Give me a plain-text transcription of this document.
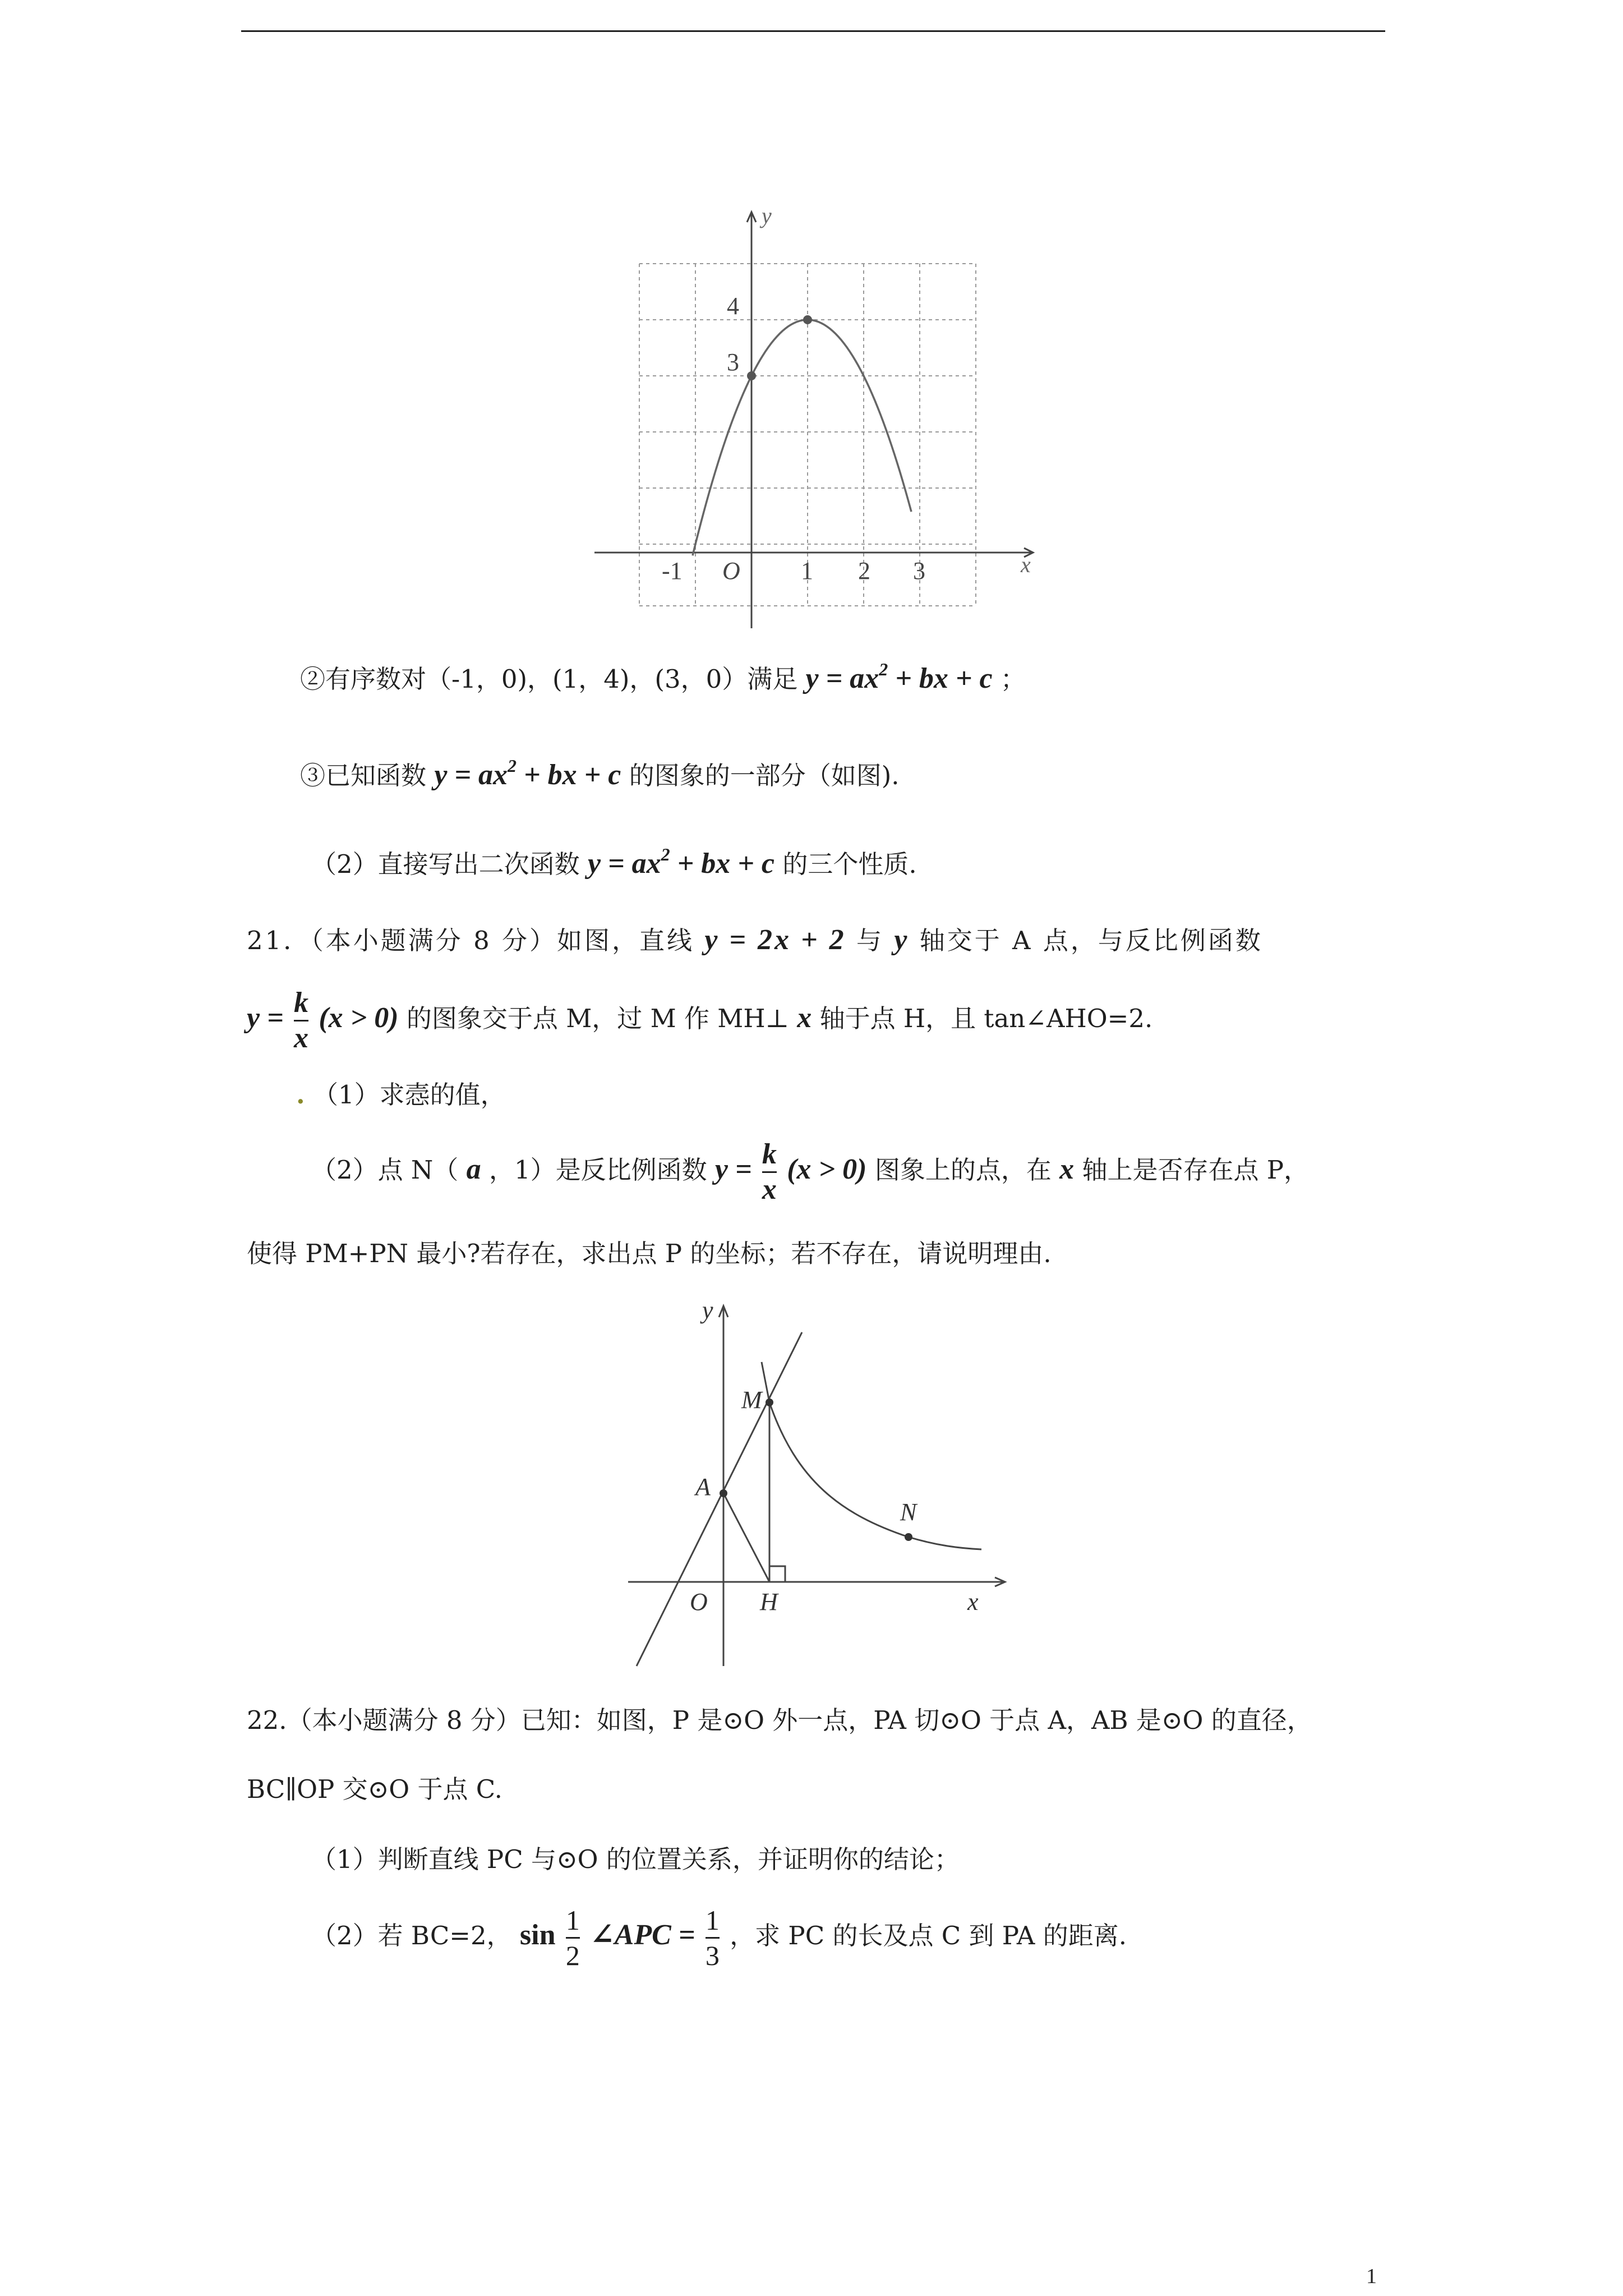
y
x
O
-1	1 2 3
3
4
②有序数对（-1，0)，(1，4)，(3，0）满足 $y = ax^2$ + bx + c ；
③已知函数 $y = ax^2$ + bx + c 的图象的一部分（如图).
（2）直接写出二次函数 $y = ax^2$ + bx + c 的三个性质.
21．（本小题满分 8 分）如图，直线 y = 2x + 2 与 y 轴交于 A 点，与反比例函数
$y = \frac{k}{x} (x > 0)$ 的图象交于点 M，过 M 作 MH⊥ x 轴于点 H，且 tan∠AHO=2.
. （1）求悫的值，
（2）点 N（ a ，1）是反比例函数 $y = \frac{k}{x} (x > 0)$ 图象上的点，在 x 轴上是否存在点 P，
使得 PM+PN 最小?若存在，求出点 P 的坐标；若不存在，请说明理由.
y
x
O H
A
M
N
22.（本小题满分 8 分）已知：如图，P 是⊙O 外一点，PA 切⊙O 于点 A，AB 是⊙O 的直径，
BC∥OP 交⊙O 于点 C.
（1）判断直线 PC 与⊙O 的位置关系，并证明你的结论；
（2）若 BC=2， $\sin \frac{1}{2}$ ∠APC = $\frac{1}{3}$ ，求 PC 的长及点 C 到 PA 的距离.
1
